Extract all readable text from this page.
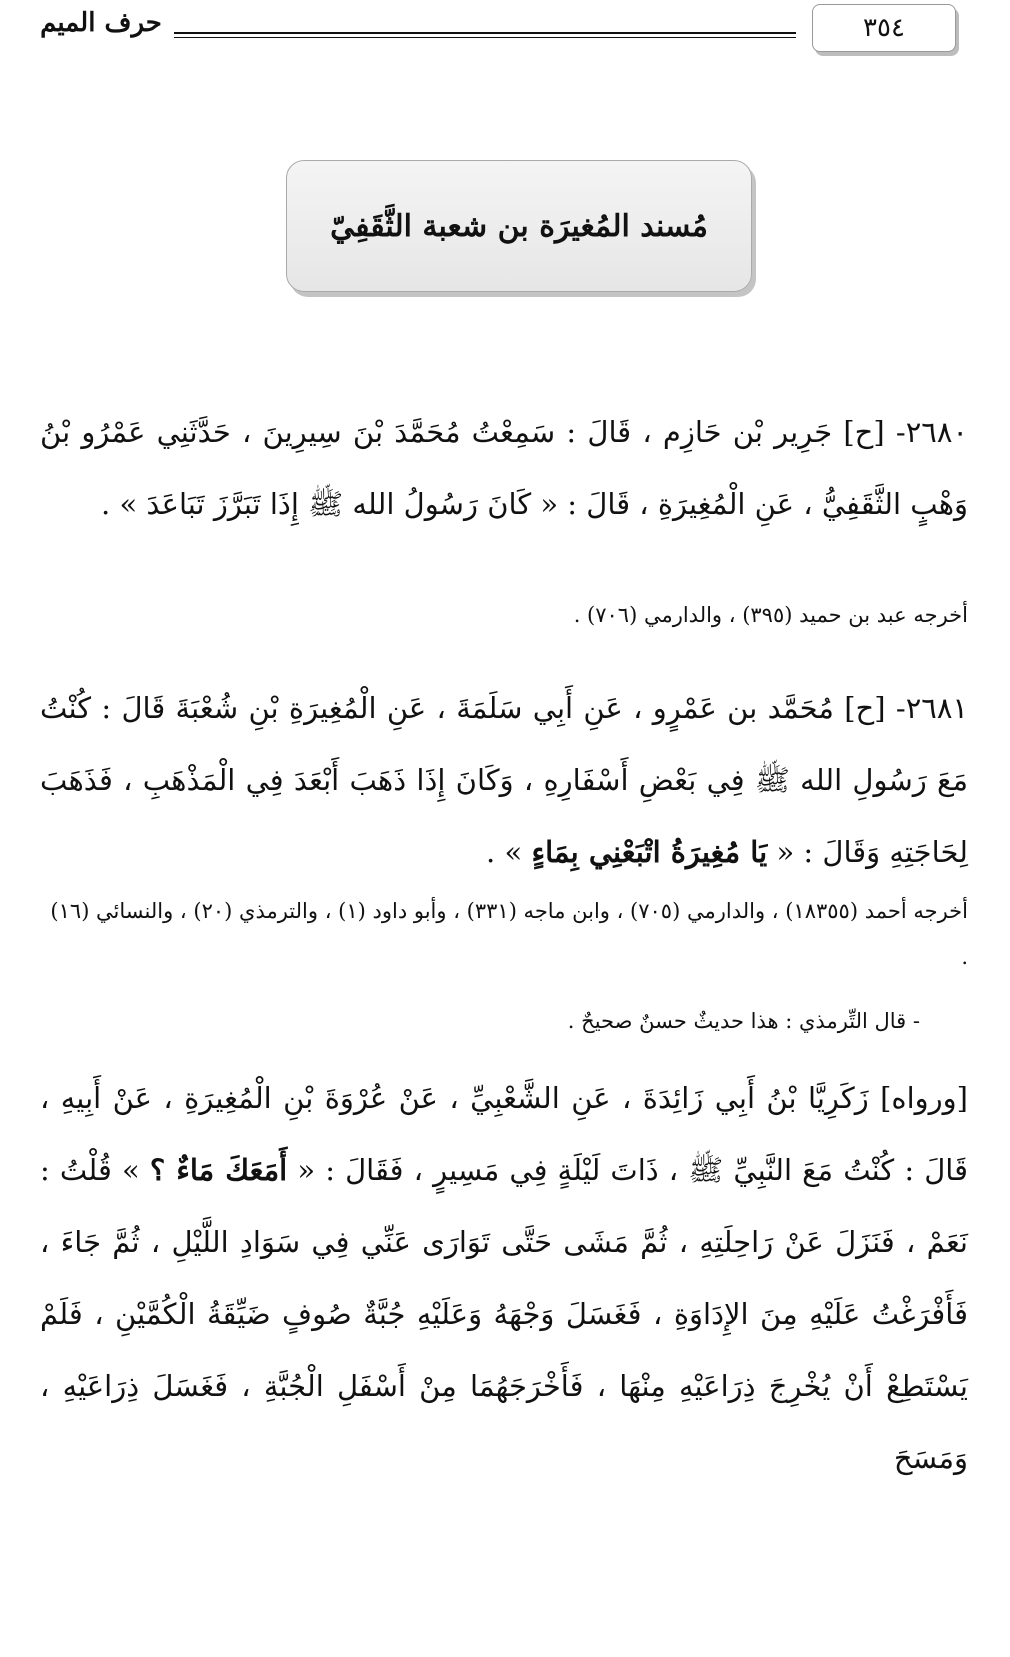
٣٥٤
حرف الميم
مُسند المُغيرَة بن شعبة الثَّقَفِيّ
٢٦٨٠- [ح] جَرِير بْن حَازِم ، قَالَ : سَمِعْتُ مُحَمَّدَ بْنَ سِيرِينَ ، حَدَّثَنِي عَمْرُو بْنُ وَهْبٍ الثَّقَفِيُّ ، عَنِ الْمُغِيرَةِ ، قَالَ : « كَانَ رَسُولُ الله ﷺ إِذَا تَبَرَّزَ تَبَاعَدَ » .
أخرجه عبد بن حميد (٣٩٥) ، والدارمي (٧٠٦) .
٢٦٨١- [ح] مُحَمَّد بن عَمْرٍو ، عَنِ أَبِي سَلَمَةَ ، عَنِ الْمُغِيرَةِ بْنِ شُعْبَةَ قَالَ : كُنْتُ مَعَ رَسُولِ الله ﷺ فِي بَعْضِ أَسْفَارِهِ ، وَكَانَ إِذَا ذَهَبَ أَبْعَدَ فِي الْمَذْهَبِ ، فَذَهَبَ لِحَاجَتِهِ وَقَالَ : « يَا مُغِيرَةُ اتْبَعْنِي بِمَاءٍ » .
أخرجه أحمد (١٨٣٥٥) ، والدارمي (٧٠٥) ، وابن ماجه (٣٣١) ، وأبو داود (١) ، والترمذي (٢٠) ، والنسائي (١٦) .
- قال التِّرمذي : هذا حديثٌ حسنٌ صحيحٌ .
[ورواه] زَكَرِيَّا بْنُ أَبِي زَائِدَةَ ، عَنِ الشَّعْبِيِّ ، عَنْ عُرْوَةَ بْنِ الْمُغِيرَةِ ، عَنْ أَبِيهِ ، قَالَ : كُنْتُ مَعَ النَّبِيِّ ﷺ ، ذَاتَ لَيْلَةٍ فِي مَسِيرٍ ، فَقَالَ : « أَمَعَكَ مَاءٌ ؟ » قُلْتُ : نَعَمْ ، فَنَزَلَ عَنْ رَاحِلَتِهِ ، ثُمَّ مَشَى حَتَّى تَوَارَى عَنِّي فِي سَوَادِ اللَّيْلِ ، ثُمَّ جَاءَ ، فَأَفْرَغْتُ عَلَيْهِ مِنَ الإِدَاوَةِ ، فَغَسَلَ وَجْهَهُ وَعَلَيْهِ جُبَّةٌ صُوفٍ ضَيِّقَةُ الْكُمَّيْنِ ، فَلَمْ يَسْتَطِعْ أَنْ يُخْرِجَ ذِرَاعَيْهِ مِنْهَا ، فَأَخْرَجَهُمَا مِنْ أَسْفَلِ الْجُبَّةِ ، فَغَسَلَ ذِرَاعَيْهِ ، وَمَسَحَ
